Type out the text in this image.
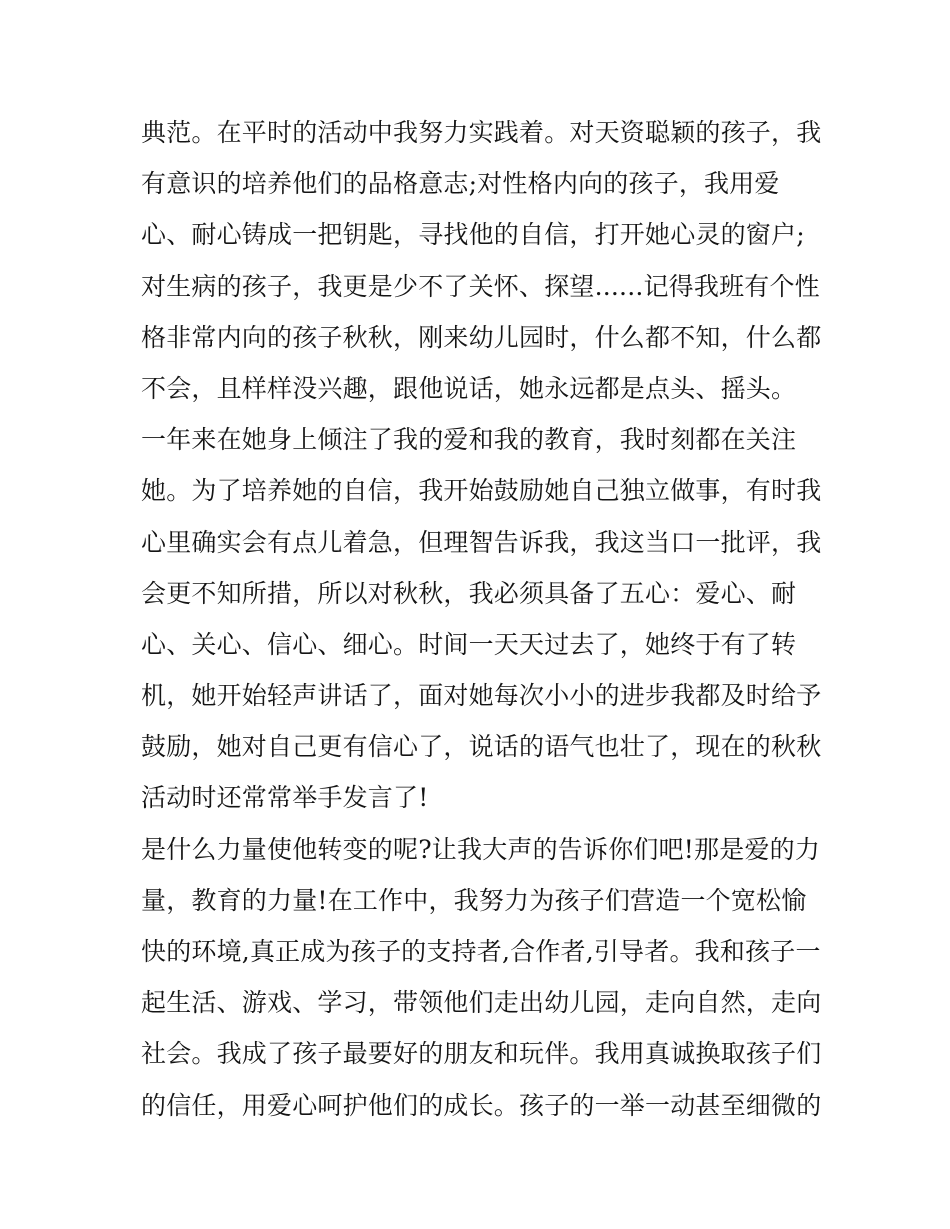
典范。在平时的活动中我努力实践着。对天资聪颖的孩子，我
有意识的培养他们的品格意志;对性格内向的孩子，我用爱
心、耐心铸成一把钥匙，寻找他的自信，打开她心灵的窗户;
对生病的孩子，我更是少不了关怀、探望......记得我班有个性
格非常内向的孩子秋秋，刚来幼儿园时，什么都不知，什么都
不会，且样样没兴趣，跟他说话，她永远都是点头、摇头。
一年来在她身上倾注了我的爱和我的教育，我时刻都在关注
她。为了培养她的自信，我开始鼓励她自己独立做事，有时我
心里确实会有点儿着急，但理智告诉我，我这当口一批评，我
会更不知所措，所以对秋秋，我必须具备了五心：爱心、耐
心、关心、信心、细心。时间一天天过去了，她终于有了转
机，她开始轻声讲话了，面对她每次小小的进步我都及时给予
鼓励，她对自己更有信心了，说话的语气也壮了，现在的秋秋
活动时还常常举手发言了!
是什么力量使他转变的呢?让我大声的告诉你们吧!那是爱的力
量，教育的力量!在工作中，我努力为孩子们营造一个宽松愉
快的环境,真正成为孩子的支持者,合作者,引导者。我和孩子一
起生活、游戏、学习，带领他们走出幼儿园，走向自然，走向
社会。我成了孩子最要好的朋友和玩伴。我用真诚换取孩子们
的信任，用爱心呵护他们的成长。孩子的一举一动甚至细微的
